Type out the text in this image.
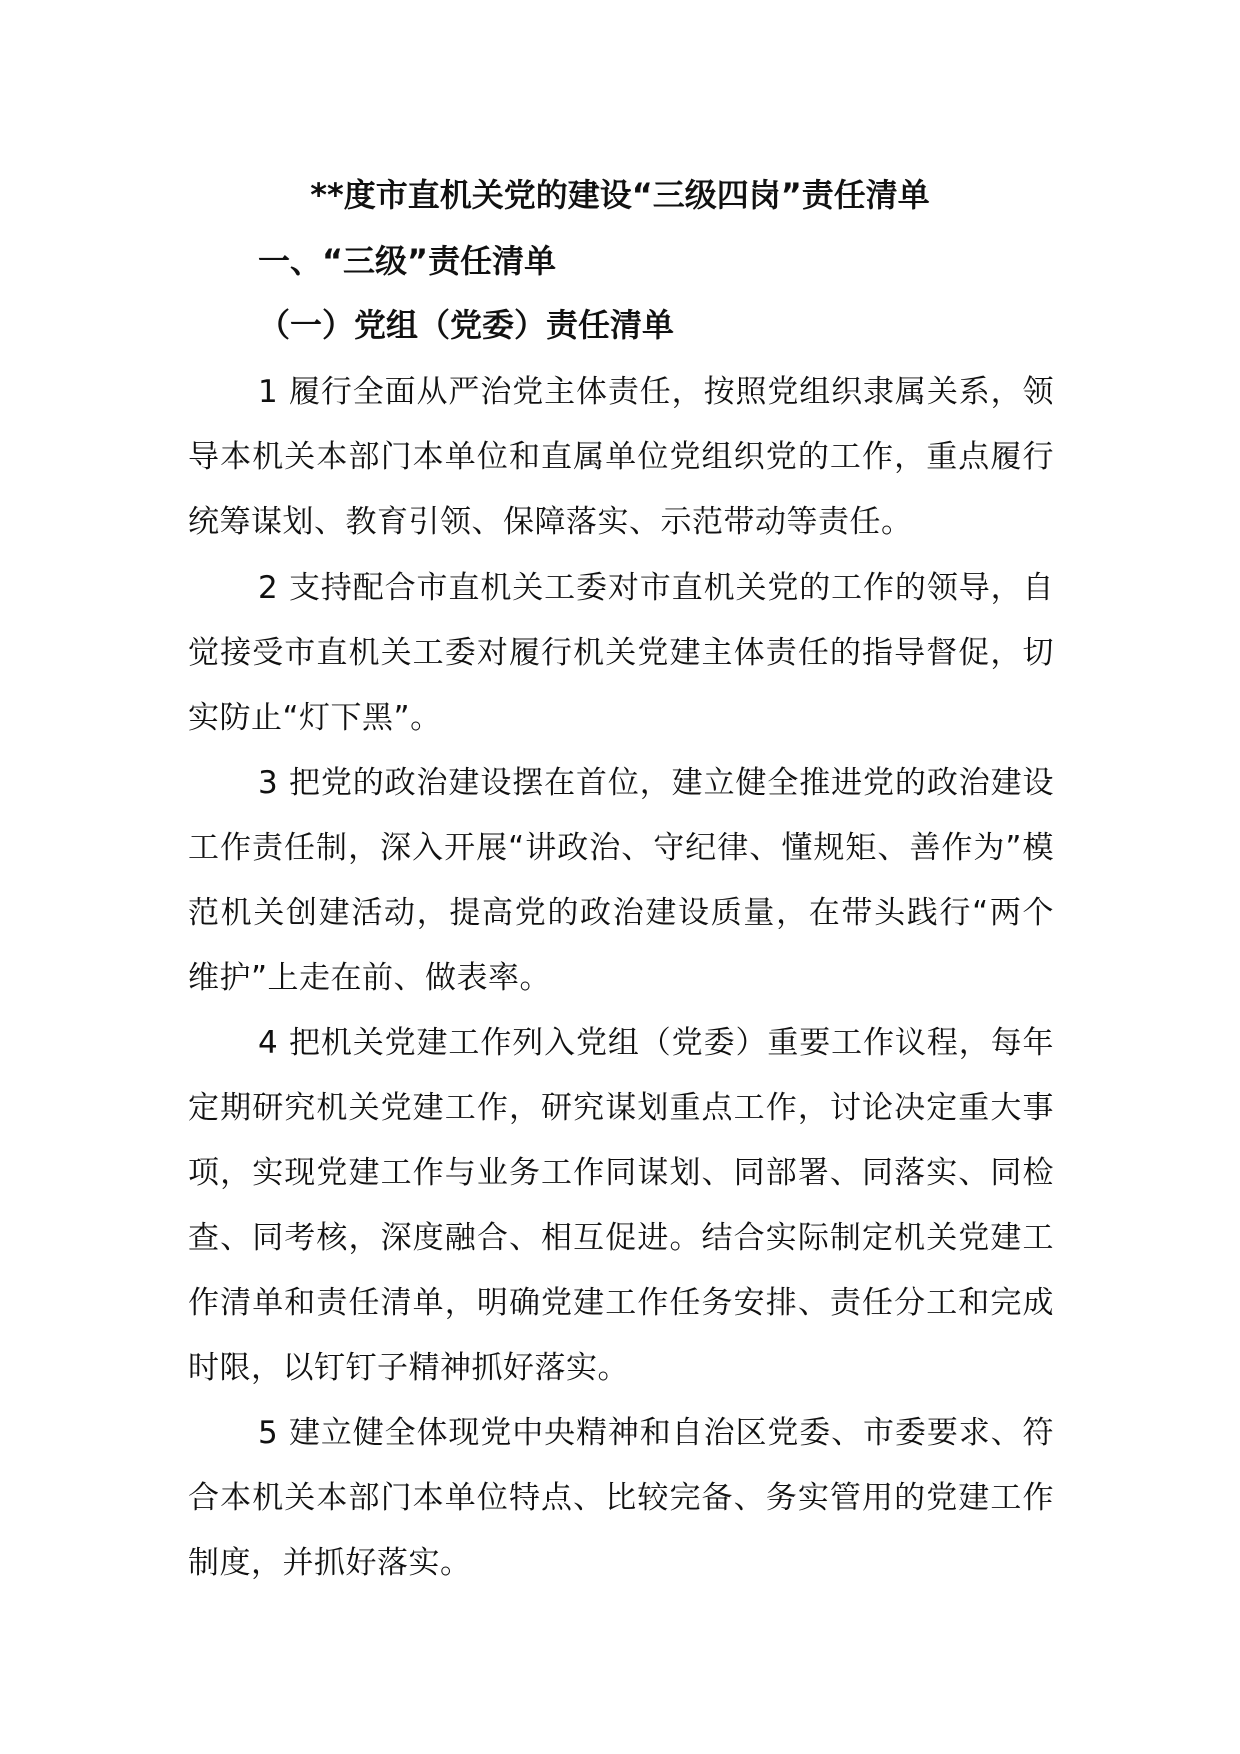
**度市直机关党的建设“三级四岗”责任清单
一、“三级”责任清单
（一）党组（党委）责任清单

1 履行全面从严治党主体责任，按照党组织隶属关系，领导本机关本部门本单位和直属单位党组织党的工作，重点履行统筹谋划、教育引领、保障落实、示范带动等责任。

2 支持配合市直机关工委对市直机关党的工作的领导，自觉接受市直机关工委对履行机关党建主体责任的指导督促，切实防止“灯下黑”。

3 把党的政治建设摆在首位，建立健全推进党的政治建设工作责任制，深入开展“讲政治、守纪律、懂规矩、善作为”模范机关创建活动，提高党的政治建设质量，在带头践行“两个维护”上走在前、做表率。

4 把机关党建工作列入党组（党委）重要工作议程，每年定期研究机关党建工作，研究谋划重点工作，讨论决定重大事项，实现党建工作与业务工作同谋划、同部署、同落实、同检查、同考核，深度融合、相互促进。结合实际制定机关党建工作清单和责任清单，明确党建工作任务安排、责任分工和完成时限，以钉钉子精神抓好落实。

5 建立健全体现党中央精神和自治区党委、市委要求、符合本机关本部门本单位特点、比较完备、务实管用的党建工作制度，并抓好落实。
